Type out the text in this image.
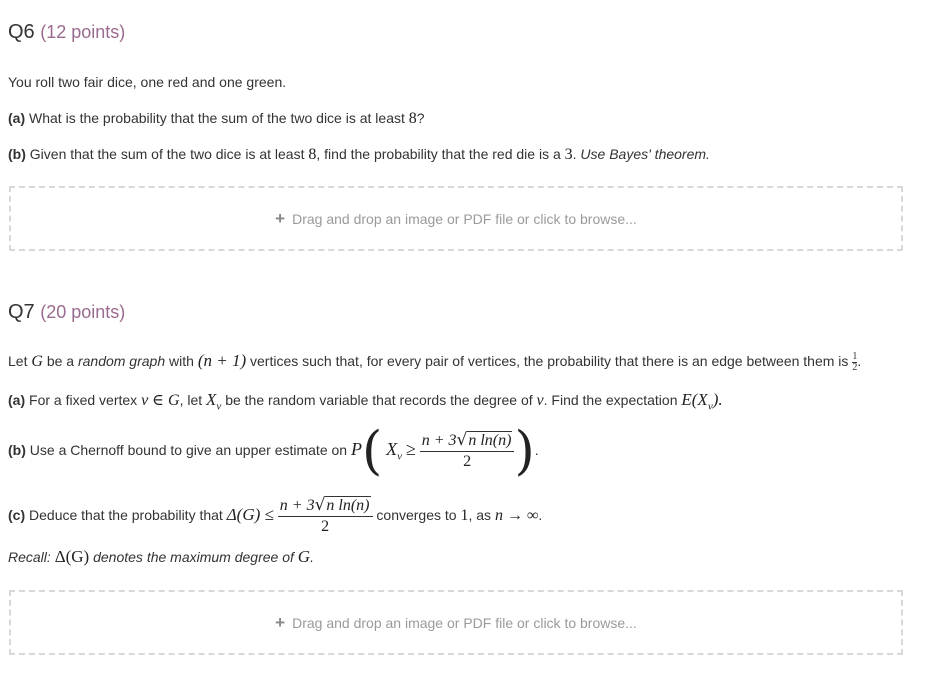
Q6 (12 points)
You roll two fair dice, one red and one green.
(a) What is the probability that the sum of the two dice is at least 8?
(b) Given that the sum of the two dice is at least 8, find the probability that the red die is a 3. Use Bayes' theorem.
+ Drag and drop an image or PDF file or click to browse...
Q7 (20 points)
Let G be a random graph with (n + 1) vertices such that, for every pair of vertices, the probability that there is an edge between them is $\frac{1}{2}$ .
(a) For a fixed vertex v ∈ G, let $X_v$ be the random variable that records the degree of v. Find the expectation $E(X_v)$.
(b) Use a Chernoff bound to give an upper estimate on P( $X_v \ge \frac{\text{n + 3√n ln(n)}}{2}$ ).
(c) Deduce that the probability that $\Delta(G) \le \frac{\text{n + 3√n ln(n)}}{2}$ converges to 1, as n → ∞.
Recall: Δ(G) denotes the maximum degree of G.
+ Drag and drop an image or PDF file or click to browse...
